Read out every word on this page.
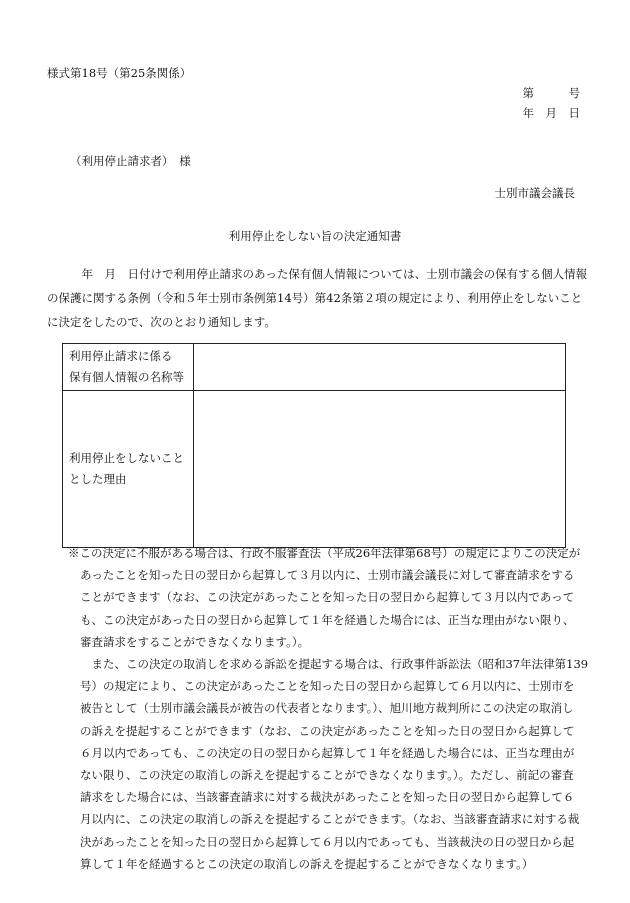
様式第18号（第25条関係）
第　　　号
年　月　日
（利用停止請求者）　様
士別市議会議長
利用停止をしない旨の決定通知書
　年　月　日付けで利用停止請求のあった保有個人情報については、士別市議会の保有する個人情報
の保護に関する条例（令和５年士別市条例第14号）第42条第２項の規定により、利用停止をしないこと
に決定をしたので、次のとおり通知します。
利用停止請求に係る
保有個人情報の名称等	

利用停止をしないこと
とした理由	

※この決定に不服がある場合は、行政不服審査法（平成26年法律第68号）の規定によりこの決定が
あったことを知った日の翌日から起算して３月以内に、士別市議会議長に対して審査請求をする
ことができます（なお、この決定があったことを知った日の翌日から起算して３月以内であって
も、この決定があった日の翌日から起算して１年を経過した場合には、正当な理由がない限り、
審査請求をすることができなくなります。）。
　また、この決定の取消しを求める訴訟を提起する場合は、行政事件訴訟法（昭和37年法律第139
号）の規定により、この決定があったことを知った日の翌日から起算して６月以内に、士別市を
被告として（士別市議会議長が被告の代表者となります。）、旭川地方裁判所にこの決定の取消し
の訴えを提起することができます（なお、この決定があったことを知った日の翌日から起算して
６月以内であっても、この決定の日の翌日から起算して１年を経過した場合には、正当な理由が
ない限り、この決定の取消しの訴えを提起することができなくなります。）。ただし、前記の審査
請求をした場合には、当該審査請求に対する裁決があったことを知った日の翌日から起算して６
月以内に、この決定の取消しの訴えを提起することができます。（なお、当該審査請求に対する裁
決があったことを知った日の翌日から起算して６月以内であっても、当該裁決の日の翌日から起
算して１年を経過するとこの決定の取消しの訴えを提起することができなくなります。）
